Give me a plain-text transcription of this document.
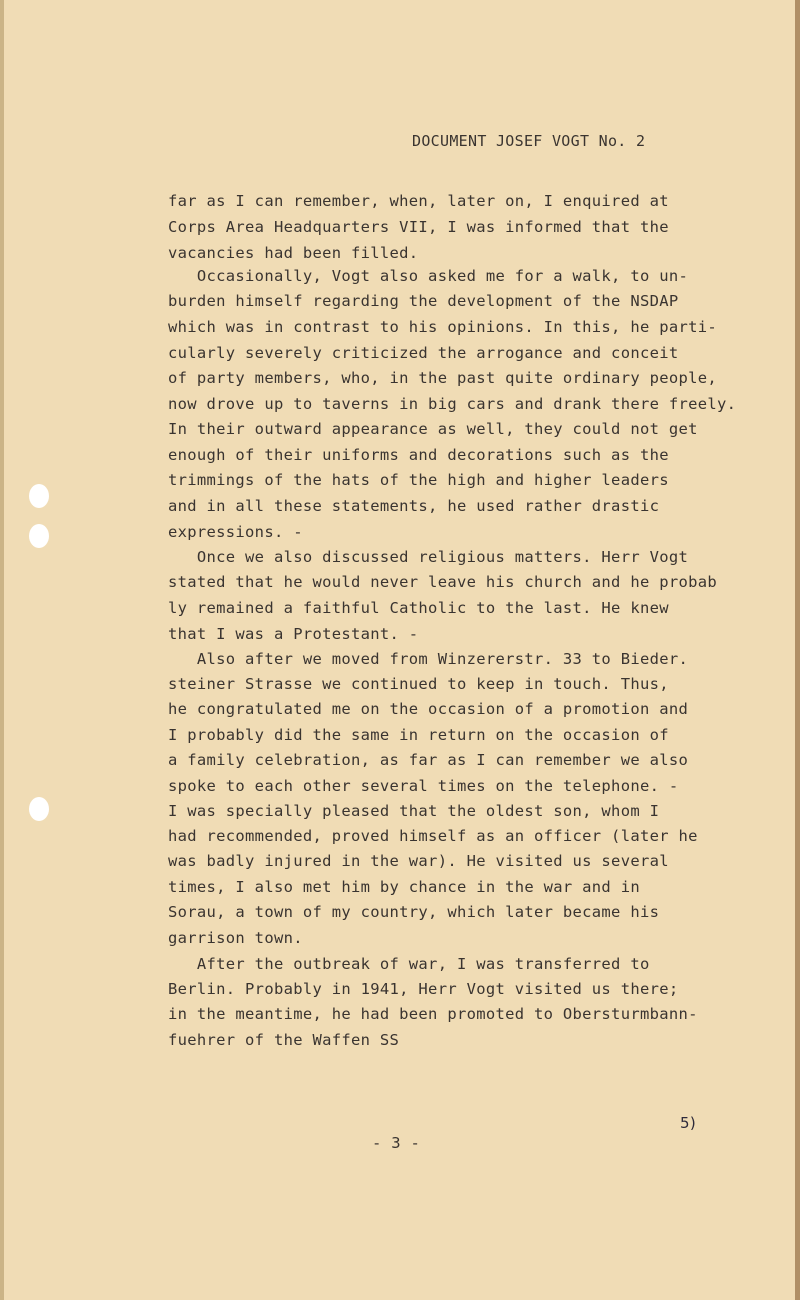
DOCUMENT JOSEF VOGT No. 2
far as I can remember, when, later on, I enquired at
Corps Area Headquarters VII, I was informed that the
vacancies had been filled.
Occasionally, Vogt also asked me for a walk, to un-
burden himself regarding the development of the NSDAP
which was in contrast to his opinions. In this, he parti-
cularly severely criticized the arrogance and conceit
of party members, who, in the past quite ordinary people,
now drove up to taverns in big cars and drank there freely.
In their outward appearance as well, they could not get
enough of their uniforms and decorations such as the
trimmings of the hats of the high and higher leaders
and in all these statements, he used rather drastic
expressions. -
Once we also discussed religious matters. Herr Vogt
stated that he would never leave his church and he probab
ly remained a faithful Catholic to the last. He knew
that I was a Protestant. -
Also after we moved from Winzererstr. 33 to Bieder.
steiner Strasse we continued to keep in touch. Thus,
he congratulated me on the occasion of a promotion and
I probably did the same in return on the occasion of
a family celebration, as far as I can remember we also
spoke to each other several times on the telephone. -
I was specially pleased that the oldest son, whom I
had recommended, proved himself as an officer (later he
was badly injured in the war). He visited us several
times, I also met him by chance in the war and in
Sorau, a town of my country, which later became his
garrison town.
After the outbreak of war, I was transferred to
Berlin. Probably in 1941, Herr Vogt visited us there;
in the meantime, he had been promoted to Obersturmbann-
fuehrer of the Waffen SS
- 3 -
5)
